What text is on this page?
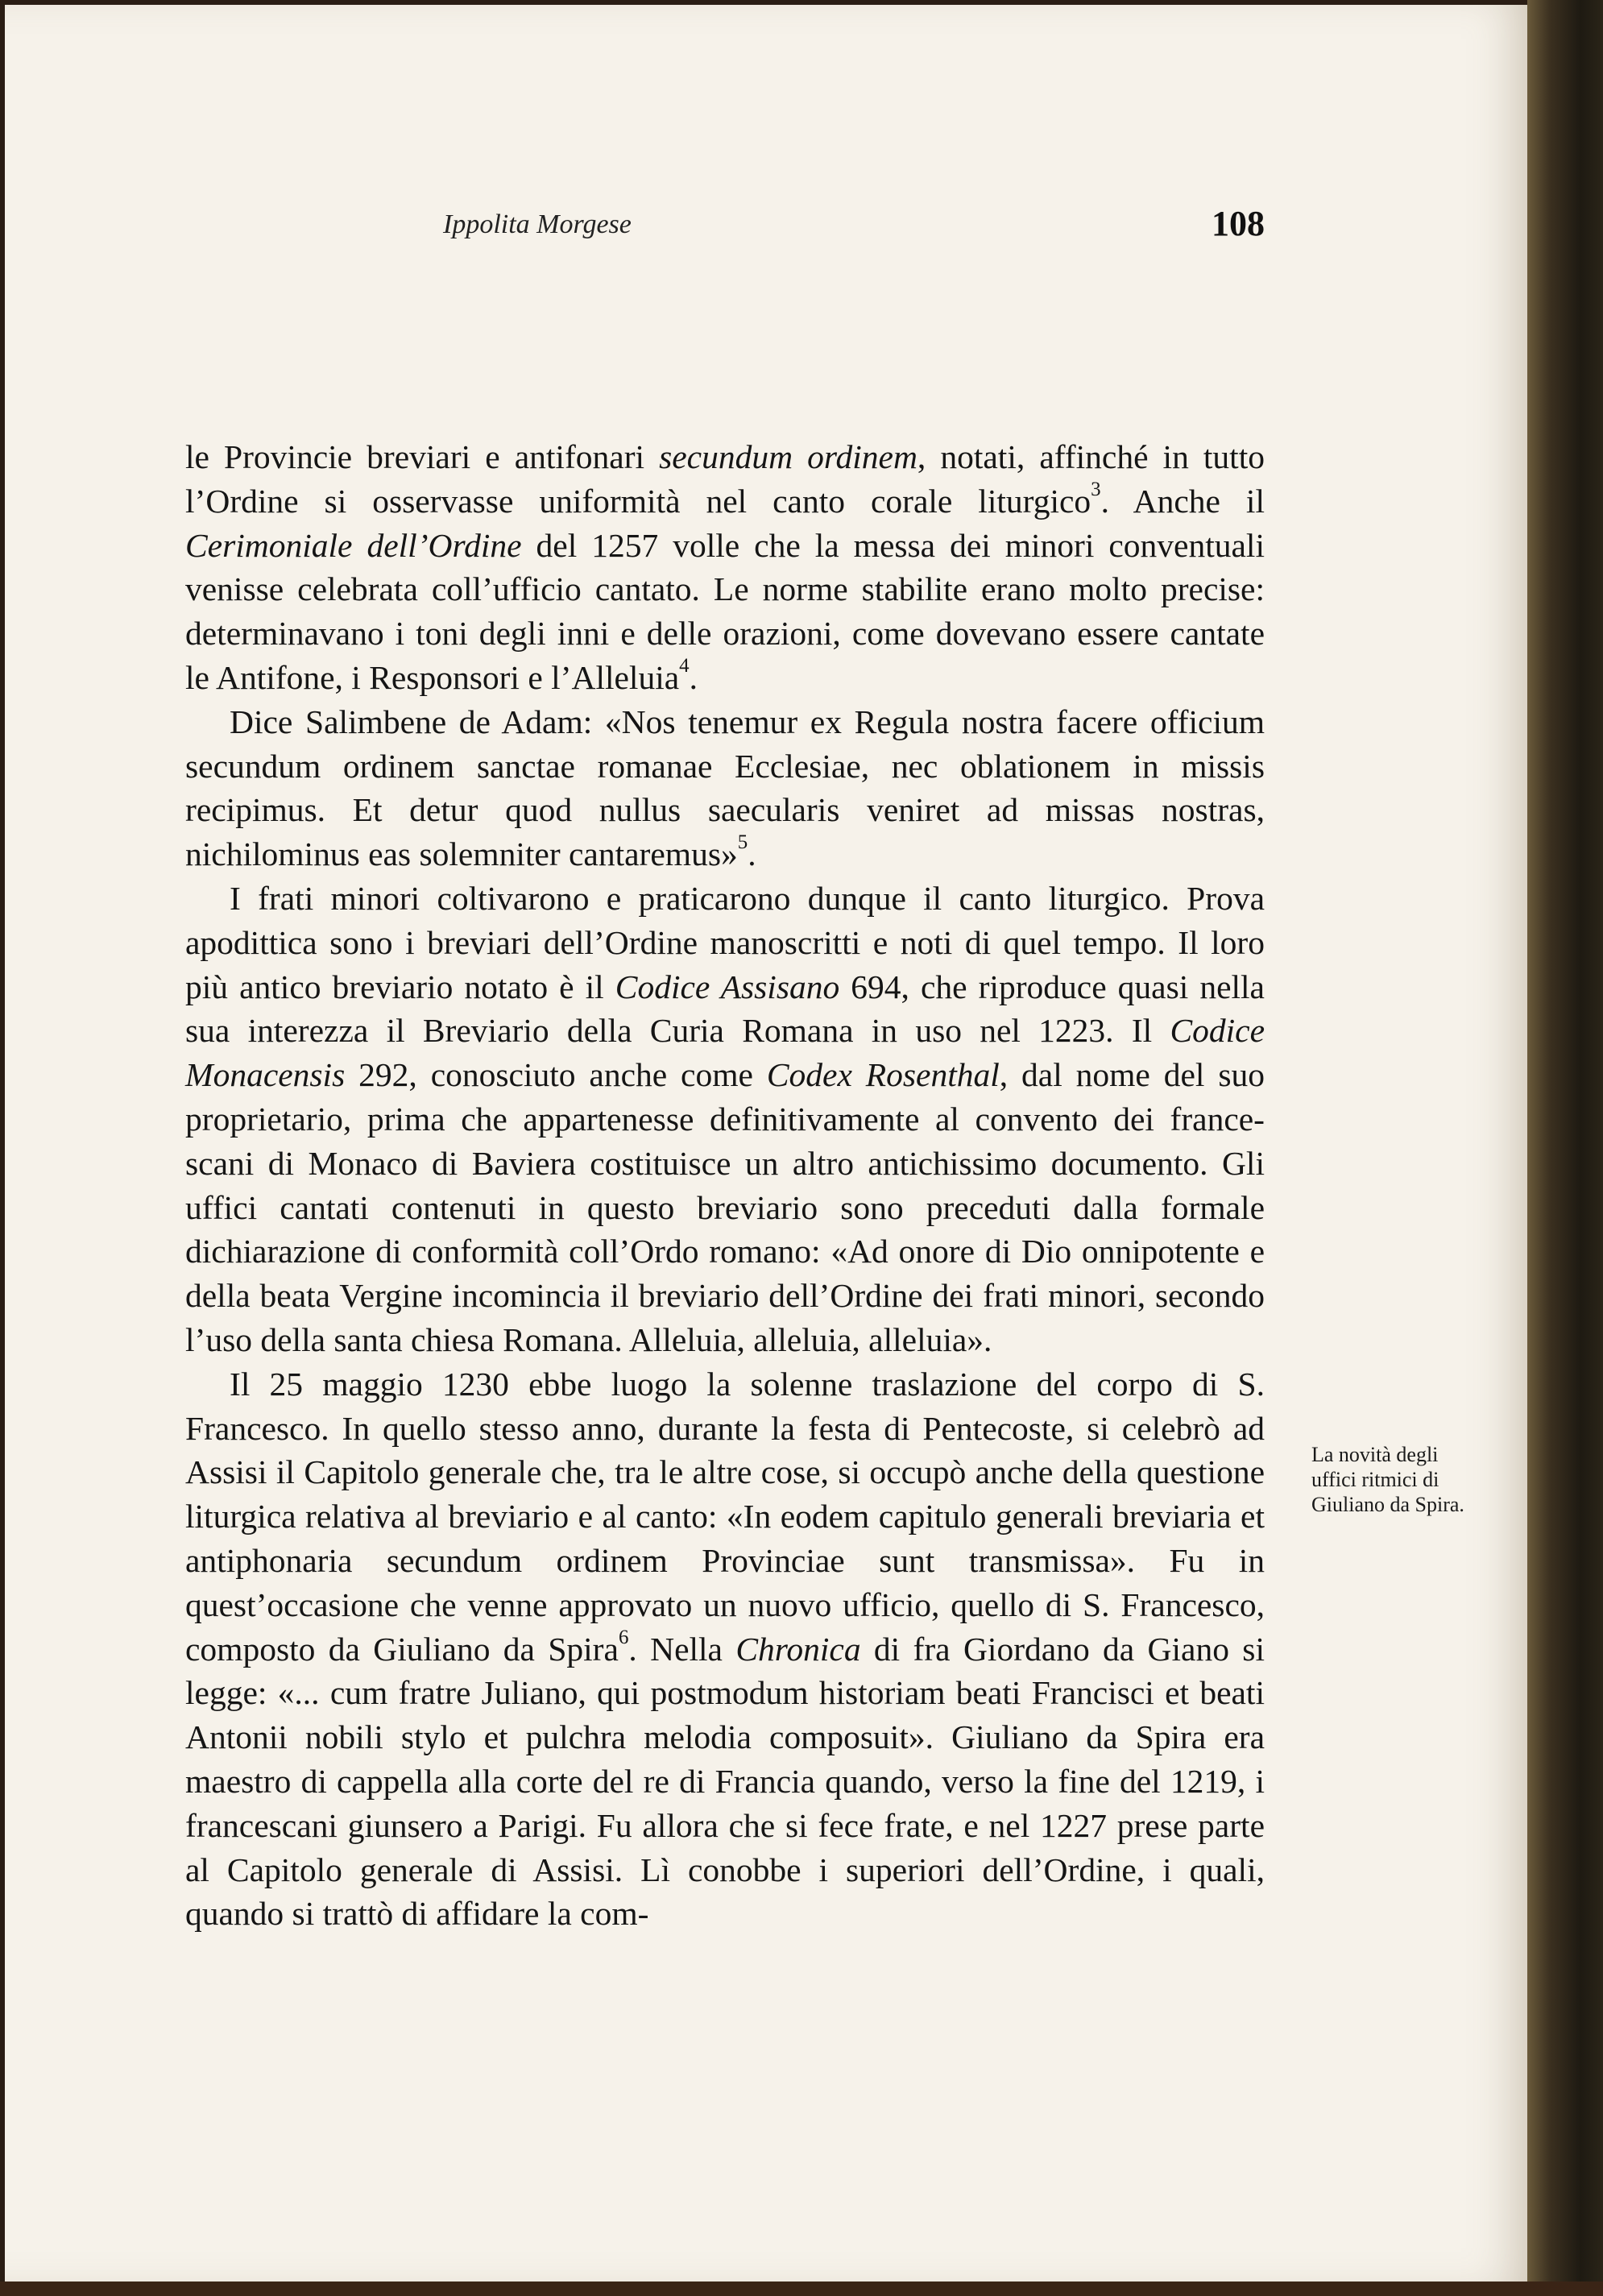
Ippolita Morgese	108

le Provincie breviari e antifonari secundum ordinem, notati, affinché in tutto l’Ordine si osservasse uniformità nel canto corale liturgico$^3$. Anche il Cerimoniale dell’Ordine del 1257 volle che la messa dei minori conventuali venisse celebrata coll’ufficio cantato. Le norme stabilite erano molto precise: determinavano i toni degli inni e delle orazioni, come dovevano essere cantate le Antifone, i Responsori e l’Alleluia$^4$.

Dice Salimbene de Adam: «Nos tenemur ex Regula nostra facere officium secundum ordinem sanctae romanae Ecclesiae, nec oblationem in missis recipimus. Et detur quod nullus saecularis veniret ad missas nostras, nichilominus eas solemniter cantaremus»$^5$.

I frati minori coltivarono e praticarono dunque il canto liturgico. Prova apodittica sono i breviari dell’Ordine manoscritti e noti di quel tempo. Il loro più antico breviario notato è il Codice Assisano 694, che riproduce quasi nella sua interezza il Breviario della Curia Romana in uso nel 1223. Il Codice Monacensis 292, conosciuto anche come Codex Rosenthal, dal nome del suo proprietario, prima che appartenesse definitivamente al convento dei france-scani di Monaco di Baviera costituisce un altro antichissimo documento. Gli uffici cantati contenuti in questo breviario sono preceduti dalla formale dichiarazione di conformità coll’Ordo romano: «Ad onore di Dio onnipotente e della beata Vergine incomincia il breviario dell’Ordine dei frati minori, secondo l’uso della santa chiesa Romana. Alleluia, alleluia, alleluia».

Il 25 maggio 1230 ebbe luogo la solenne traslazione del corpo di S. Francesco. In quello stesso anno, durante la festa di Pentecoste, si celebrò ad Assisi il Capitolo generale che, tra le altre cose, si occupò anche della questione liturgica relativa al breviario e al canto: «In eodem capitulo generali breviaria et antiphonaria secundum ordinem Provinciae sunt transmissa». Fu in quest’occasione che venne approvato un nuovo ufficio, quello di S. Francesco, composto da Giuliano da Spira$^6$. Nella Chronica di fra Giordano da Giano si legge: «... cum fratre Juliano, qui postmodum historiam beati Francisci et beati Antonii nobili stylo et pulchra melodia composuit». Giuliano da Spira era maestro di cappella alla corte del re di Francia quando, verso la fine del 1219, i francescani giunsero a Parigi. Fu allora che si fece frate, e nel 1227 prese parte al Capitolo generale di Assisi. Lì conobbe i superiori dell’Ordine, i quali, quando si trattò di affidare la com-

La novità degli uffici ritmici di Giuliano da Spira.
